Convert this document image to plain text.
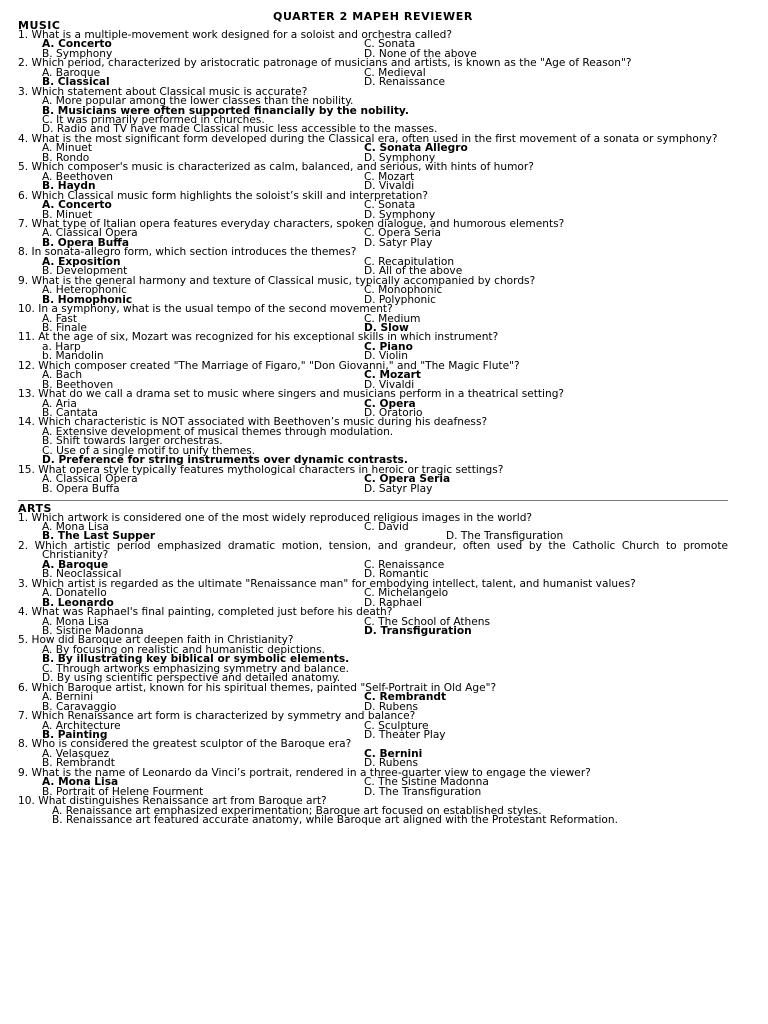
QUARTER 2 MAPEH REVIEWER
MUSIC
1. What is a multiple-movement work designed for a soloist and orchestra called?
A. Concerto	C. Sonata
B. Symphony	D. None of the above
2. Which period, characterized by aristocratic patronage of musicians and artists, is known as the "Age of Reason"?
A. Baroque	C. Medieval
B. Classical	D. Renaissance
3. Which statement about Classical music is accurate?
A. More popular among the lower classes than the nobility.
B. Musicians were often supported financially by the nobility.
C. It was primarily performed in churches.
D. Radio and TV have made Classical music less accessible to the masses.
4. What is the most significant form developed during the Classical era, often used in the first movement of a sonata or symphony?
A. Minuet	C. Sonata Allegro
B. Rondo	D. Symphony
5. Which composer's music is characterized as calm, balanced, and serious, with hints of humor?
A. Beethoven	C. Mozart
B. Haydn	D. Vivaldi
6. Which Classical music form highlights the soloist’s skill and interpretation?
A. Concerto	C. Sonata
B. Minuet	D. Symphony
7. What type of Italian opera features everyday characters, spoken dialogue, and humorous elements?
A. Classical Opera	C. Opera Seria
B. Opera Buffa	D. Satyr Play
8. In sonata-allegro form, which section introduces the themes?
A. Exposition	C. Recapitulation
B. Development	D. All of the above
9. What is the general harmony and texture of Classical music, typically accompanied by chords?
A. Heterophonic	C. Monophonic
B. Homophonic	D. Polyphonic
10. In a symphony, what is the usual tempo of the second movement?
A. Fast	C. Medium
B. Finale	D. Slow
11. At the age of six, Mozart was recognized for his exceptional skills in which instrument?
a. Harp	C. Piano
b. Mandolin	D. Violin
12. Which composer created "The Marriage of Figaro," "Don Giovanni," and "The Magic Flute"?
A. Bach	C. Mozart
B. Beethoven	D. Vivaldi
13. What do we call a drama set to music where singers and musicians perform in a theatrical setting?
A. Aria	C. Opera
B. Cantata	D. Oratorio
14. Which characteristic is NOT associated with Beethoven’s music during his deafness?
A. Extensive development of musical themes through modulation.
B. Shift towards larger orchestras.
C. Use of a single motif to unify themes.
D. Preference for string instruments over dynamic contrasts.
15. What opera style typically features mythological characters in heroic or tragic settings?
A. Classical Opera	C. Opera Seria
B. Opera Buffa	D. Satyr Play
ARTS
1. Which artwork is considered one of the most widely reproduced religious images in the world?
A. Mona Lisa	C. David
B. The Last Supper	D. The Transfiguration
2. Which artistic period emphasized dramatic motion, tension, and grandeur, often used by the Catholic Church to promote Christianity?
A. Baroque	C. Renaissance
B. Neoclassical	D. Romantic
3. Which artist is regarded as the ultimate "Renaissance man" for embodying intellect, talent, and humanist values?
A. Donatello	C. Michelangelo
B. Leonardo	D. Raphael
4. What was Raphael's final painting, completed just before his death?
A. Mona Lisa	C. The School of Athens
B. Sistine Madonna	D. Transfiguration
5. How did Baroque art deepen faith in Christianity?
A. By focusing on realistic and humanistic depictions.
B. By illustrating key biblical or symbolic elements.
C. Through artworks emphasizing symmetry and balance.
D. By using scientific perspective and detailed anatomy.
6. Which Baroque artist, known for his spiritual themes, painted "Self-Portrait in Old Age"?
A. Bernini	C. Rembrandt
B. Caravaggio	D. Rubens
7. Which Renaissance art form is characterized by symmetry and balance?
A. Architecture	C. Sculpture
B. Painting	D. Theater Play
8. Who is considered the greatest sculptor of the Baroque era?
A. Velasquez	C. Bernini
B. Rembrandt	D. Rubens
9. What is the name of Leonardo da Vinci’s portrait, rendered in a three-quarter view to engage the viewer?
A. Mona Lisa	C. The Sistine Madonna
B. Portrait of Helene Fourment	D. The Transfiguration
10. What distinguishes Renaissance art from Baroque art?
A. Renaissance art emphasized experimentation; Baroque art focused on established styles.
B. Renaissance art featured accurate anatomy, while Baroque art aligned with the Protestant Reformation.
